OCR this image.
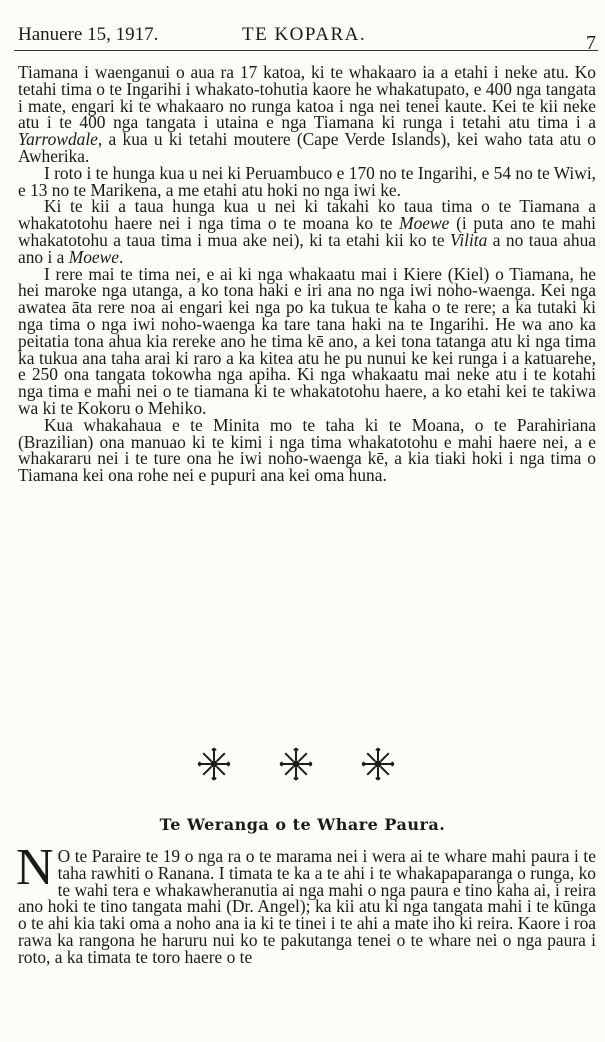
Hanuere 15, 1917.	TE KOPARA.	7

Tiamana i waenganui o aua ra 17 katoa, ki te whakaaro ia a etahi i neke atu. Ko tetahi tima o te Ingarihi i whakato-tohutia kaore he whakatupato, e 400 nga tangata i mate, engari ki te whakaaro no runga katoa i nga nei tenei kaute. Kei te kii neke atu i te 400 nga tangata i utaina e nga Tiamana ki runga i tetahi atu tima i a Yarrowdale, a kua u ki tetahi moutere (Cape Verde Islands), kei waho tata atu o Awherika.

I roto i te hunga kua u nei ki Peruambuco e 170 no te Ingarihi, e 54 no te Wiwi, e 13 no te Marikena, a me etahi atu hoki no nga iwi ke.

Ki te kii a taua hunga kua u nei ki takahi ko taua tima o te Tiamana a whakatotohu haere nei i nga tima o te moana ko te Moewe (i puta ano te mahi whakatotohu a taua tima i mua ake nei), ki ta etahi kii ko te Vilita a no taua ahua ano i a Moewe.

I rere mai te tima nei, e ai ki nga whakaatu mai i Kiere (Kiel) o Tiamana, he hei maroke nga utanga, a ko tona haki e iri ana no nga iwi noho-waenga. Kei nga awatea āta rere noa ai engari kei nga po ka tukua te kaha o te rere; a ka tutaki ki nga tima o nga iwi noho-waenga ka tare tana haki na te Ingarihi. He wa ano ka peitatia tona ahua kia rereke ano he tima kē ano, a kei tona tatanga atu ki nga tima ka tukua ana taha arai ki raro a ka kitea atu he pu nunui ke kei runga i a katuarehe, e 250 ona tangata tokowha nga apiha. Ki nga whakaatu mai neke atu i te kotahi nga tima e mahi nei o te tiamana ki te whakatotohu haere, a ko etahi kei te takiwa wa ki te Kokoru o Mehiko.

Kua whakahaua e te Minita mo te taha ki te Moana, o te Parahiriana (Brazilian) ona manuao ki te kimi i nga tima whakatotohu e mahi haere nei, a e whakararu nei i te ture ona he iwi noho-waenga kē, a kia tiaki hoki i nga tima o Tiamana kei ona rohe nei e pupuri ana kei oma huna.

Te Weranga o te Whare Paura.
N O te Paraire te 19 o nga ra o te marama nei i wera ai te whare mahi paura i te taha rawhiti o Ranana. I timata te ka a te ahi i te whakapaparanga o runga, ko te wahi tera e whakawheranutia ai nga mahi o nga paura e tino kaha ai, i reira ano hoki te tino tangata mahi (Dr. Angel); ka kii atu ki nga tangata mahi i te kūnga o te ahi kia taki oma a noho ana ia ki te tinei i te ahi a mate iho ki reira. Kaore i roa rawa ka rangona he haruru nui ko te pakutanga tenei o te whare nei o nga paura i roto, a ka timata te toro haere o te
